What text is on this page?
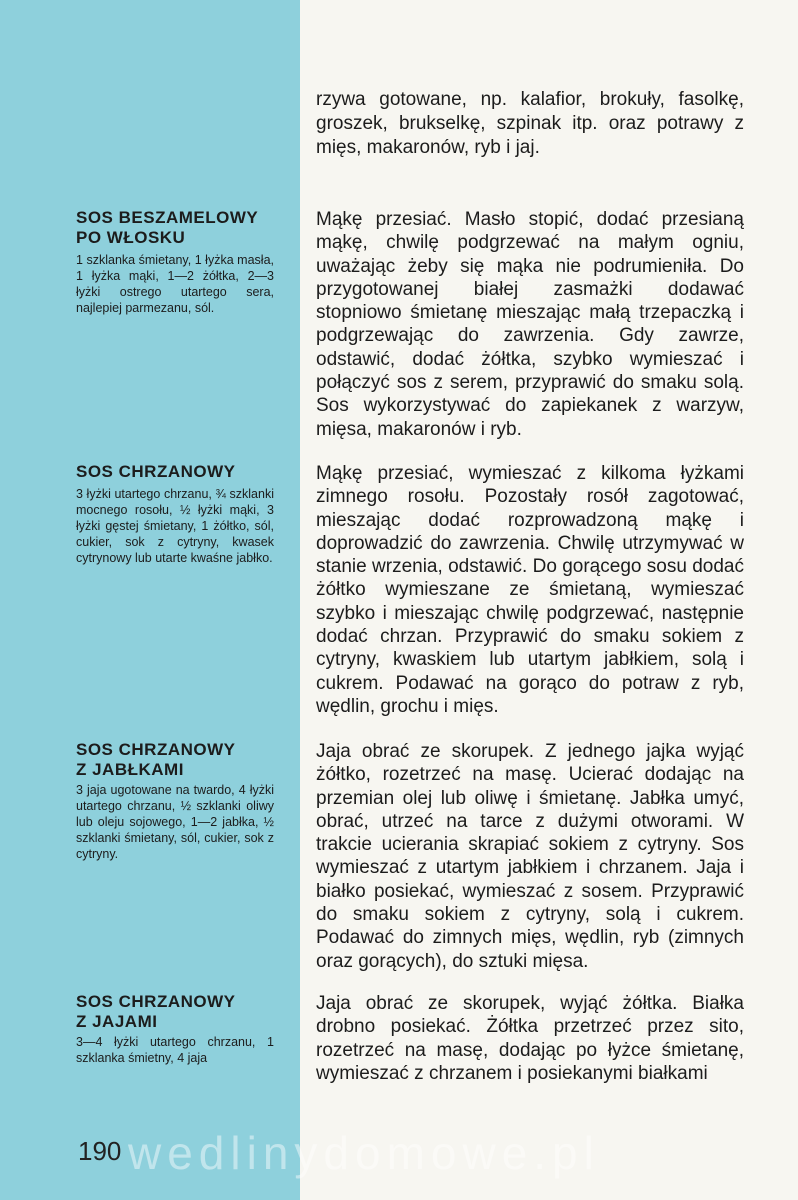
rzywa gotowane, np. kalafior, brokuły, fasolkę, groszek, brukselkę, szpinak itp. oraz potrawy z mięs, makaronów, ryb i jaj.

SOS BESZAMELOWY
PO WŁOSKU
1 szklanka śmietany, 1 łyżka masła, 1 łyżka mąki, 1—2 żółtka, 2—3 łyżki ostrego utartego sera, najlepiej parmezanu, sól.
Mąkę przesiać. Masło stopić, dodać przesianą mąkę, chwilę podgrzewać na małym ogniu, uważając żeby się mąka nie podrumieniła. Do przygotowanej białej zasmażki dodawać stopniowo śmietanę mieszając małą trzepaczką i podgrzewając do zawrzenia. Gdy zawrze, odstawić, dodać żółtka, szybko wymieszać i połączyć sos z serem, przyprawić do smaku solą. Sos wykorzystywać do zapiekanek z warzyw, mięsa, makaronów i ryb.
SOS CHRZANOWY
3 łyżki utartego chrzanu, ¾ szklanki mocnego rosołu, ½ łyżki mąki, 3 łyżki gęstej śmietany, 1 żółtko, sól, cukier, sok z cytryny, kwasek cytrynowy lub utarte kwaśne jabłko.
Mąkę przesiać, wymieszać z kilkoma łyżkami zimnego rosołu. Pozostały rosół zagotować, mieszając dodać rozprowadzoną mąkę i doprowadzić do zawrzenia. Chwilę utrzymywać w stanie wrzenia, odstawić. Do gorącego sosu dodać żółtko wymieszane ze śmietaną, wymieszać szybko i mieszając chwilę podgrzewać, następnie dodać chrzan. Przyprawić do smaku sokiem z cytryny, kwaskiem lub utartym jabłkiem, solą i cukrem. Podawać na gorąco do potraw z ryb, wędlin, grochu i mięs.
SOS CHRZANOWY
Z JABŁKAMI
3 jaja ugotowane na twardo, 4 łyżki utartego chrzanu, ½ szklanki oliwy lub oleju sojowego, 1—2 jabłka, ½ szklanki śmietany, sól, cukier, sok z cytryny.
Jaja obrać ze skorupek. Z jednego jajka wyjąć żółtko, rozetrzeć na masę. Ucierać dodając na przemian olej lub oliwę i śmietanę. Jabłka umyć, obrać, utrzeć na tarce z dużymi otworami. W trakcie ucierania skrapiać sokiem z cytryny. Sos wymieszać z utartym jabłkiem i chrzanem. Jaja i białko posiekać, wymieszać z sosem. Przyprawić do smaku sokiem z cytryny, solą i cukrem. Podawać do zimnych mięs, wędlin, ryb (zimnych oraz gorących), do sztuki mięsa.
SOS CHRZANOWY
Z JAJAMI
3—4 łyżki utartego chrzanu, 1 szklanka śmietny, 4 jaja
Jaja obrać ze skorupek, wyjąć żółtka. Białka drobno posiekać. Żółtka przetrzeć przez sito, rozetrzeć na masę, dodając po łyżce śmietanę, wymieszać z chrzanem i posiekanymi białkami
wedlinydomowe.pl
190
